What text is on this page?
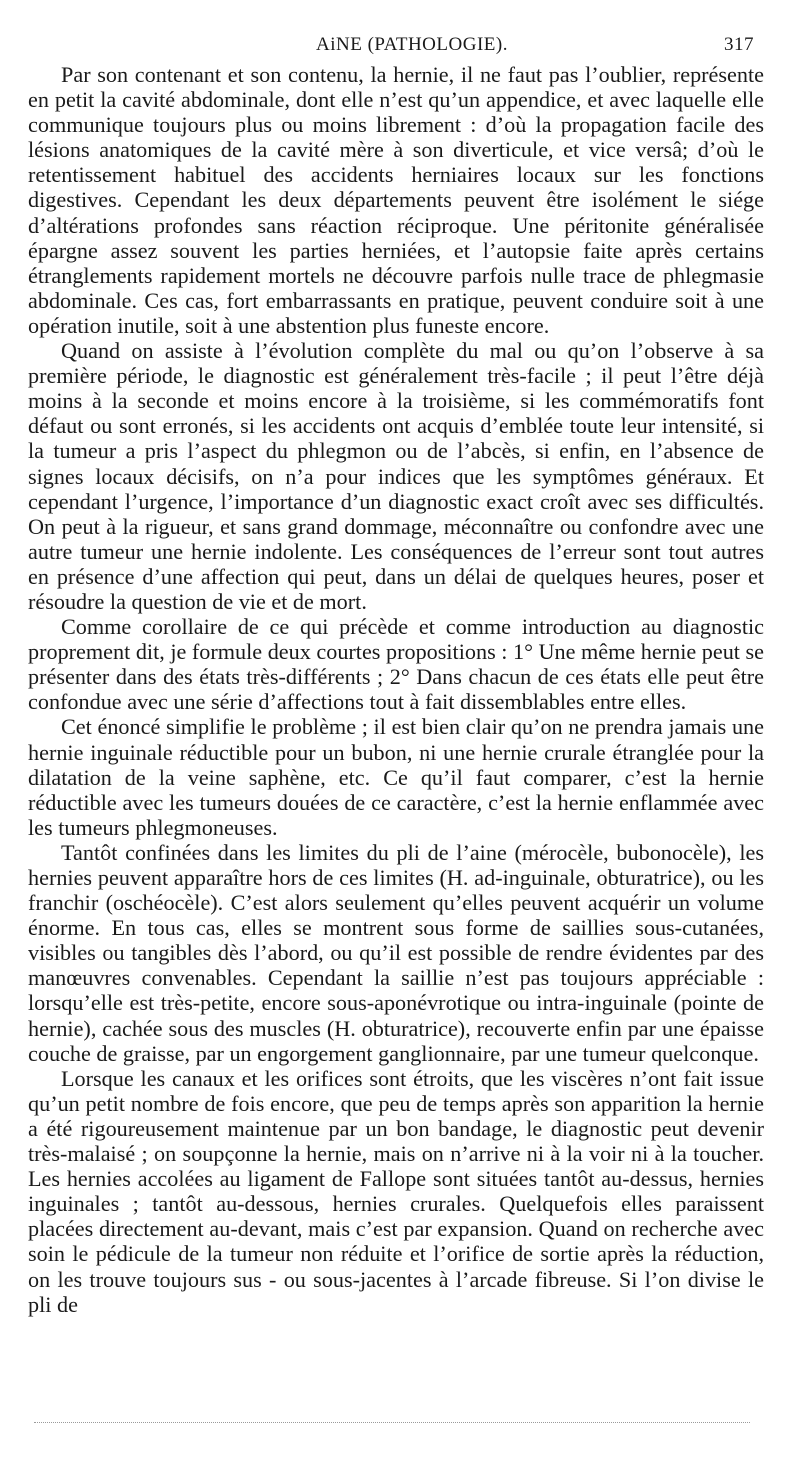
AiNE (PATHOLOGIE).	317

Par son contenant et son contenu, la hernie, il ne faut pas l’oublier, représente en petit la cavité abdominale, dont elle n’est qu’un appendice, et avec laquelle elle communique toujours plus ou moins librement : d’où la propagation facile des lésions anatomiques de la cavité mère à son diverticule, et vice versâ; d’où le retentissement habituel des accidents herniaires locaux sur les fonctions digestives. Cependant les deux départements peuvent être isolément le siége d’altérations profondes sans réaction réciproque. Une péritonite généralisée épargne assez souvent les parties herniées, et l’autopsie faite après certains étranglements rapidement mortels ne découvre parfois nulle trace de phlegmasie abdominale. Ces cas, fort embarrassants en pratique, peuvent conduire soit à une opération inutile, soit à une abstention plus funeste encore.

Quand on assiste à l’évolution complète du mal ou qu’on l’observe à sa première période, le diagnostic est généralement très-facile ; il peut l’être déjà moins à la seconde et moins encore à la troisième, si les commémoratifs font défaut ou sont erronés, si les accidents ont acquis d’emblée toute leur intensité, si la tumeur a pris l’aspect du phlegmon ou de l’abcès, si enfin, en l’absence de signes locaux décisifs, on n’a pour indices que les symptômes généraux. Et cependant l’urgence, l’importance d’un diagnostic exact croît avec ses difficultés. On peut à la rigueur, et sans grand dommage, méconnaître ou confondre avec une autre tumeur une hernie indolente. Les conséquences de l’erreur sont tout autres en présence d’une affection qui peut, dans un délai de quelques heures, poser et résoudre la question de vie et de mort.

Comme corollaire de ce qui précède et comme introduction au diagnostic proprement dit, je formule deux courtes propositions : 1° Une même hernie peut se présenter dans des états très-différents ; 2° Dans chacun de ces états elle peut être confondue avec une série d’affections tout à fait dissemblables entre elles.

Cet énoncé simplifie le problème ; il est bien clair qu’on ne prendra jamais une hernie inguinale réductible pour un bubon, ni une hernie crurale étranglée pour la dilatation de la veine saphène, etc. Ce qu’il faut comparer, c’est la hernie réductible avec les tumeurs douées de ce caractère, c’est la hernie enflammée avec les tumeurs phlegmoneuses.

Tantôt confinées dans les limites du pli de l’aine (mérocèle, bubonocèle), les hernies peuvent apparaître hors de ces limites (H. ad-inguinale, obturatrice), ou les franchir (oschéocèle). C’est alors seulement qu’elles peuvent acquérir un volume énorme. En tous cas, elles se montrent sous forme de saillies sous-cutanées, visibles ou tangibles dès l’abord, ou qu’il est possible de rendre évidentes par des manœuvres convenables. Cependant la saillie n’est pas toujours appréciable : lorsqu’elle est très-petite, encore sous-aponévrotique ou intra-inguinale (pointe de hernie), cachée sous des muscles (H. obturatrice), recouverte enfin par une épaisse couche de graisse, par un engorgement ganglionnaire, par une tumeur quelconque.

Lorsque les canaux et les orifices sont étroits, que les viscères n’ont fait issue qu’un petit nombre de fois encore, que peu de temps après son apparition la hernie a été rigoureusement maintenue par un bon bandage, le diagnostic peut devenir très-malaisé ; on soupçonne la hernie, mais on n’arrive ni à la voir ni à la toucher. Les hernies accolées au ligament de Fallope sont situées tantôt au-dessus, hernies inguinales ; tantôt au-dessous, hernies crurales. Quelquefois elles paraissent placées directement au-devant, mais c’est par expansion. Quand on recherche avec soin le pédicule de la tumeur non réduite et l’orifice de sortie après la réduction, on les trouve toujours sus - ou sous-jacentes à l’arcade fibreuse. Si l’on divise le pli de
